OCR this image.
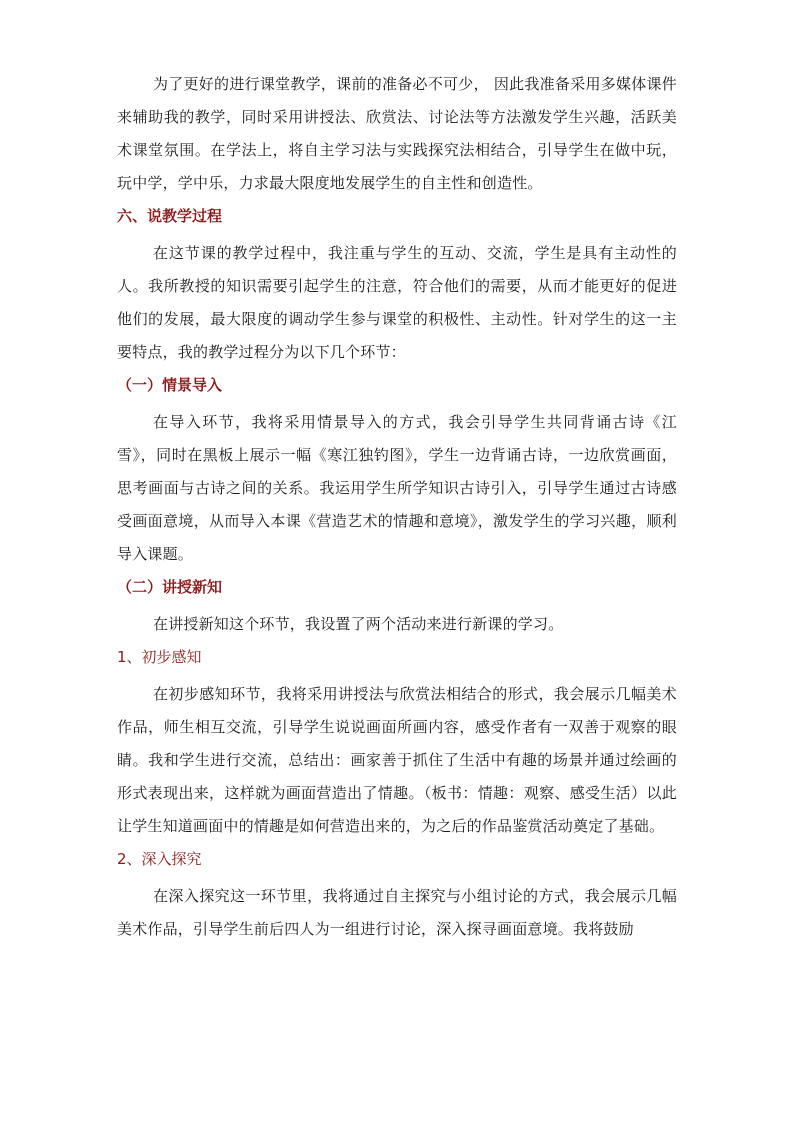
为了更好的进行课堂教学，课前的准备必不可少， 因此我准备采用多媒体课件来辅助我的教学，同时采用讲授法、欣赏法、讨论法等方法激发学生兴趣，活跃美术课堂氛围。在学法上，将自主学习法与实践探究法相结合，引导学生在做中玩，玩中学，学中乐，力求最大限度地发展学生的自主性和创造性。

六、说教学过程

在这节课的教学过程中，我注重与学生的互动、交流，学生是具有主动性的人。我所教授的知识需要引起学生的注意，符合他们的需要，从而才能更好的促进他们的发展，最大限度的调动学生参与课堂的积极性、主动性。针对学生的这一主要特点，我的教学过程分为以下几个环节：

（一）情景导入

在导入环节，我将采用情景导入的方式，我会引导学生共同背诵古诗《江雪》，同时在黑板上展示一幅《寒江独钓图》，学生一边背诵古诗，一边欣赏画面，思考画面与古诗之间的关系。我运用学生所学知识古诗引入，引导学生通过古诗感受画面意境，从而导入本课《营造艺术的情趣和意境》，激发学生的学习兴趣，顺利导入课题。

（二）讲授新知

在讲授新知这个环节，我设置了两个活动来进行新课的学习。

1、初步感知

在初步感知环节，我将采用讲授法与欣赏法相结合的形式，我会展示几幅美术作品，师生相互交流，引导学生说说画面所画内容，感受作者有一双善于观察的眼睛。我和学生进行交流，总结出：画家善于抓住了生活中有趣的场景并通过绘画的形式表现出来，这样就为画面营造出了情趣。（板书：情趣：观察、感受生活）以此让学生知道画面中的情趣是如何营造出来的，为之后的作品鉴赏活动奠定了基础。

2、深入探究

在深入探究这一环节里，我将通过自主探究与小组讨论的方式，我会展示几幅美术作品，引导学生前后四人为一组进行讨论，深入探寻画面意境。我将鼓励
